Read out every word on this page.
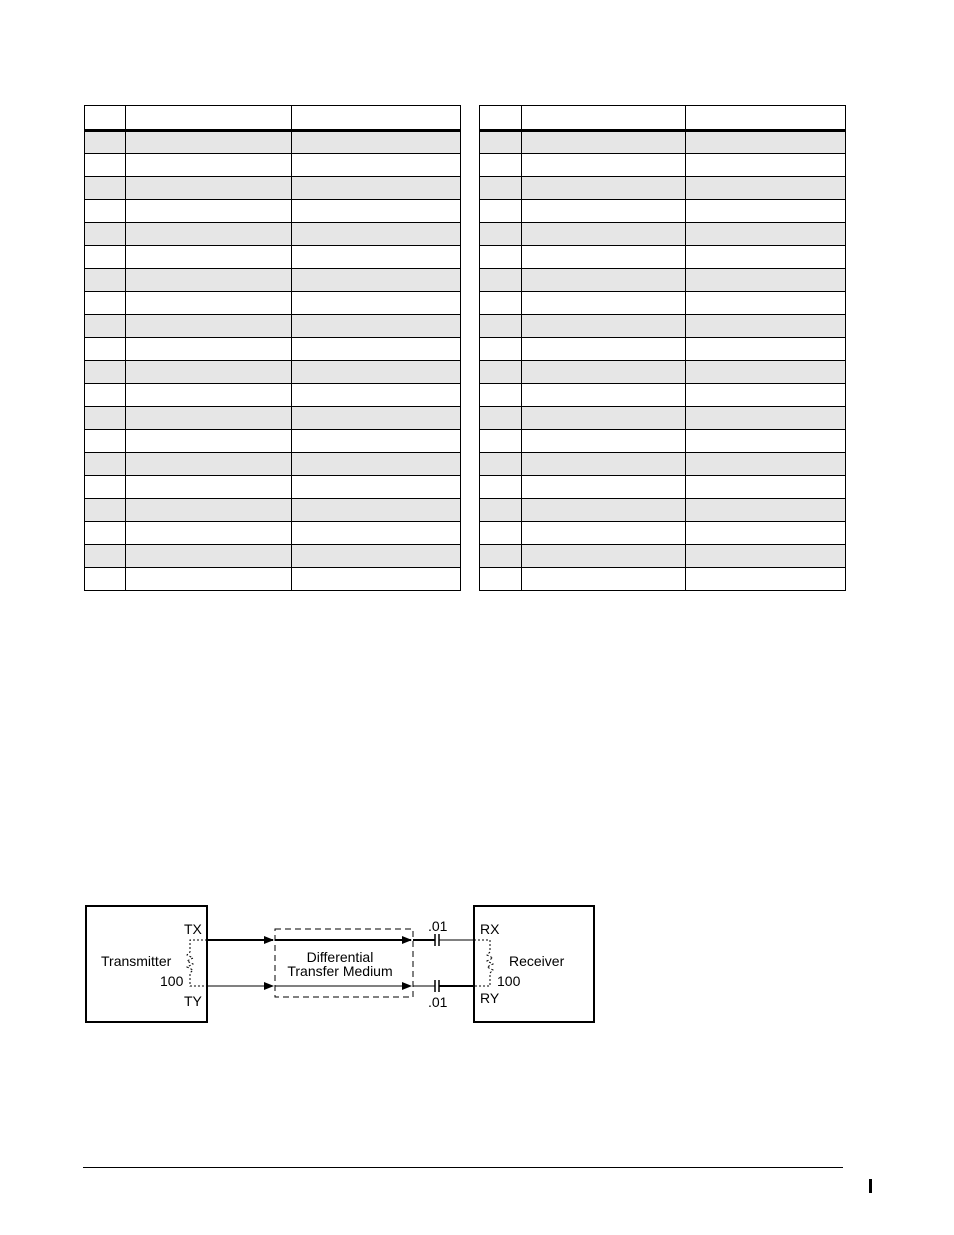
Transmitter
TX
TY
100
Differential
Transfer Medium
.01
.01
Receiver
RX
RY
100
